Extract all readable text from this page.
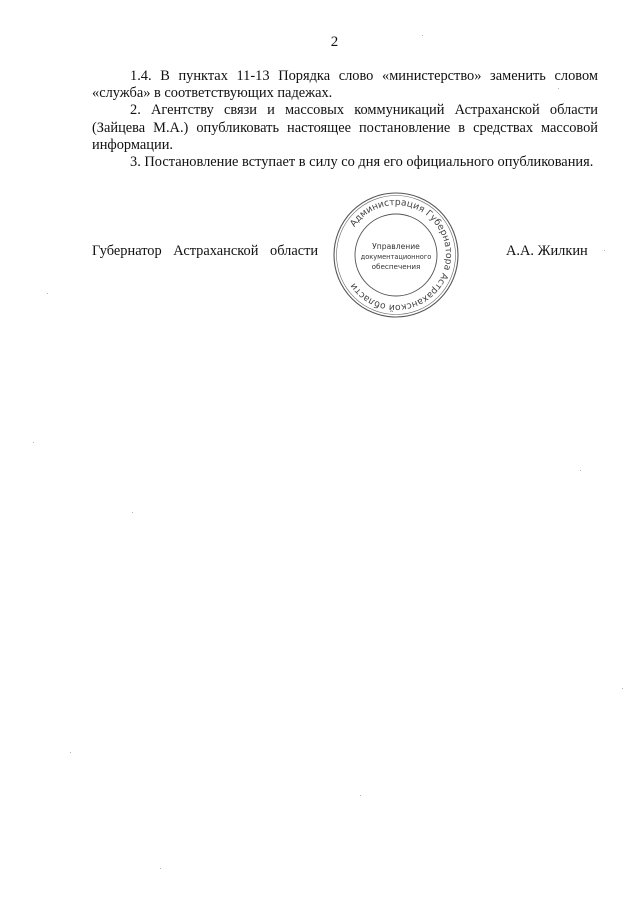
2

1.4. В пунктах 11-13 Порядка слово «министерство» заменить словом «служба» в соответствующих падежах.

2. Агентству связи и массовых коммуникаций Астраханской области (Зайцева М.А.) опубликовать настоящее постановление в средствах массовой информации.

3. Постановление вступает в силу со дня его официального опубликования.

Губернатор Астраханской области
Администрация Губернатора Астраханской области
Управление
документационного
обеспечения
А.А. Жилкин
